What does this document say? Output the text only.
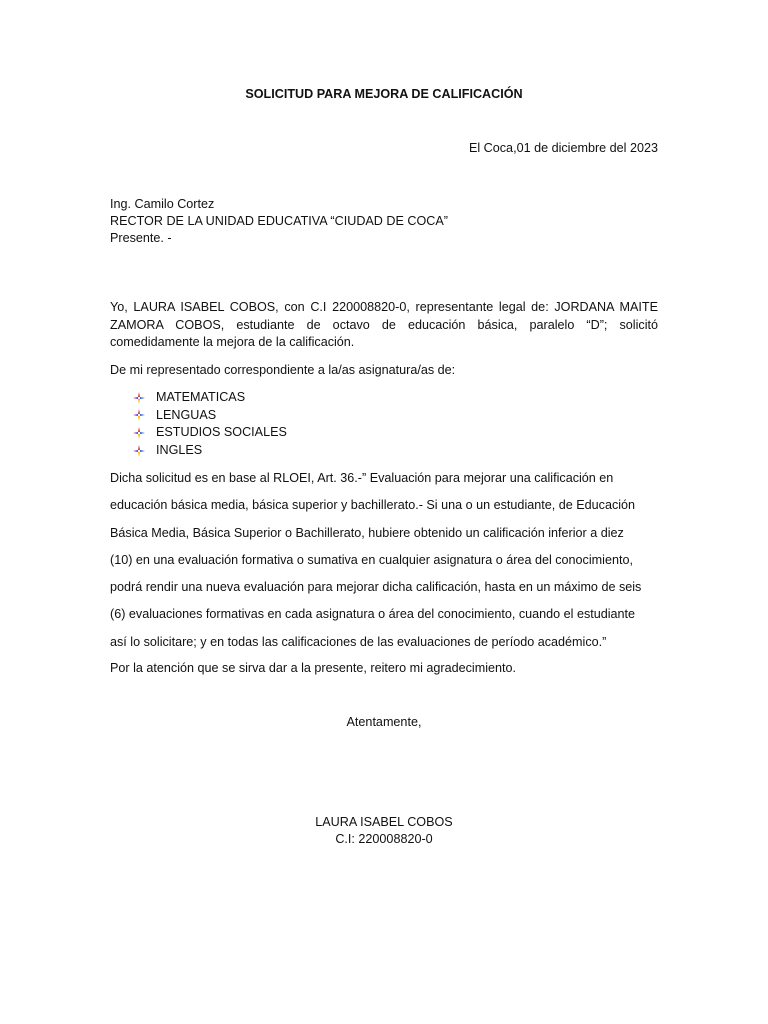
SOLICITUD PARA MEJORA DE CALIFICACIÓN
El Coca,01 de diciembre del 2023
Ing. Camilo Cortez
RECTOR DE LA UNIDAD EDUCATIVA “CIUDAD DE COCA”
Presente. -

Yo, LAURA ISABEL COBOS, con C.I 220008820-0, representante legal de: JORDANA MAITE ZAMORA COBOS, estudiante de octavo de educación básica, paralelo “D”; solicitó comedidamente la mejora de la calificación.

De mi representado correspondiente a la/as asignatura/as de:

MATEMATICAS
LENGUAS
ESTUDIOS SOCIALES
INGLES
Dicha solicitud es en base al RLOEI, Art. 36.-” Evaluación para mejorar una calificación en
educación básica media, básica superior y bachillerato.- Si una o un estudiante, de Educación
Básica Media, Básica Superior o Bachillerato, hubiere obtenido un calificación inferior a diez
(10) en una evaluación formativa o sumativa en cualquier asignatura o área del conocimiento,
podrá rendir una nueva evaluación para mejorar dicha calificación, hasta en un máximo de seis
(6) evaluaciones formativas en cada asignatura o área del conocimiento, cuando el estudiante
así lo solicitare; y en todas las calificaciones de las evaluaciones de período académico.”

Por la atención que se sirva dar a la presente, reitero mi agradecimiento.

Atentamente,
LAURA ISABEL COBOS
C.I: 220008820-0
